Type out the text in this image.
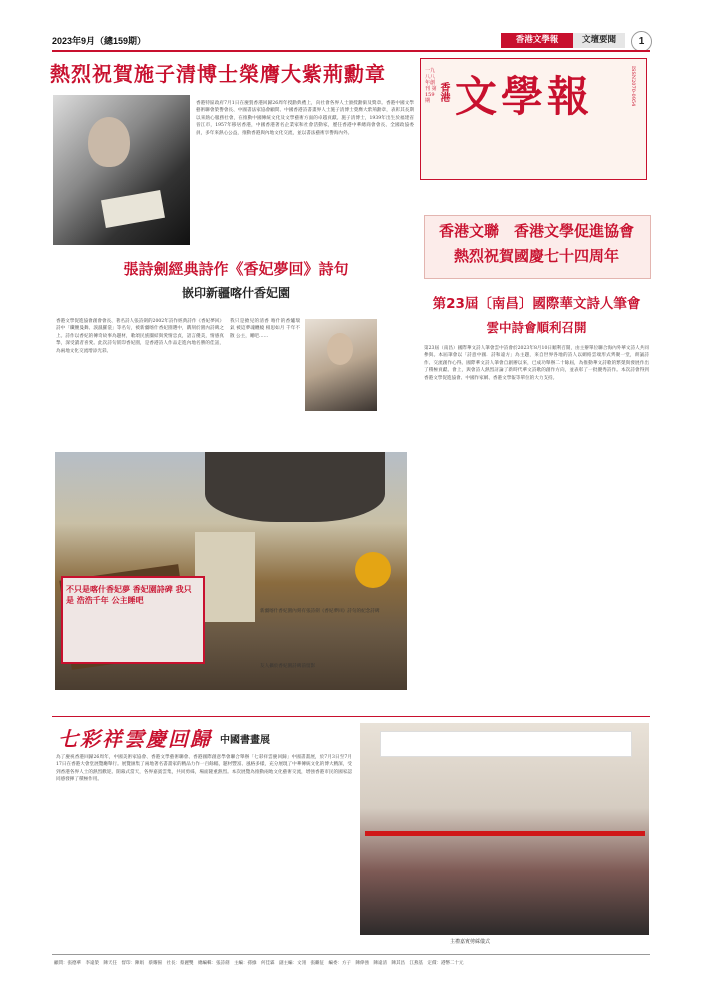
2023年9月（總159期）	香港文學報	文壇要聞	1
熱烈祝賀施子清博士榮膺大紫荊勳章
香港特區政府7月1日在慶賀香港回歸26周年授勳典禮上，向社會各界人士頒授勳銜及獎章。香港中國文學藝術聯會榮譽會長、中國書法家協會顧問、中國香港詩書畫界人士施子清博士榮膺大紫荊勳章，表彰其長期以來熱心服務社會，在推動中國傳統文化及文學藝術方面的卓越貢獻。施子清博士，1939年出生於福建省晉江市，1957年移居香港，中國香港著名企業家和社會活動家，歷任香港中華總商會會長、全國政協委員，多年來熱心公益，推動香港與內地文化交流，並以書法藝術享譽海內外。
一九八八年創刊 第159期 香港 文學報	ISSN2070-0954
香港文聯　香港文學促進協會
熱烈祝賀國慶七十四周年
張詩劍經典詩作《香妃夢回》詩句
嵌印新疆喀什香妃園
香港文學促進協會創會會長、著名詩人張詩劍的2002年詩作經典詩作《香妃夢回》詩中「纖腰曼舞、淚濕羅裳」等名句，被新疆喀什香妃園選中，鐫刻於園內詩碑之上。詩作以香妃的傳奇故事為題材，歌頌民族團結與愛情忠貞，語言優美，情感真摯，深受讀者喜愛。此次詩句嵌印香妃園，是香港詩人作品走進內地名勝的佳話，為兩地文化交流增添光彩。
我只是掀兒的清香 喀什的香爐瑞氣 被這夢魂纏繞 相思如月 千年不散 公主，睡吧……
第23屆〔南昌〕國際華文詩人筆會
雲中詩會順利召開
第23屆（南昌）國際華文詩人筆會雲中詩會於2023年8月10日順利召開，由主辦單位聯合海內外華文詩人共同參與。本屆筆會以「詩意中國．詩和遠方」為主題，來自世界各地的詩人以網絡雲端形式齊聚一堂，朗誦詩作、交流創作心得。國際華文詩人筆會自創辦以來，已成功舉辦二十餘屆，為推動華文詩歌的繁榮與發展作出了積極貢獻。會上，與會詩人熱烈討論了新時代華文詩歌的創作方向，並表彰了一批優秀詩作。本次詩會得到香港文學促進協會、中國作家網、香港文學報等單位的大力支持。
不只是喀什香妃夢 香妃園詩碑 我只是 浩浩千年 公主睡吧
新疆喀什香妃園內刻有張詩劍《香妃夢回》詩句的紀念詩碑
友人攝於香妃園詩碑前留影
七彩祥雲慶回歸 中國書畫展
為了慶祝香港回歸26周年，中國美術家協會、香港文學藝術聯會、香港國際創意學會聯合舉辦「七彩祥雲慶回歸」中國書畫展，於7月3日至7月17日在香港大會堂展覽廳舉行。展覽匯集了兩地著名書畫家的精品力作一百餘幅，題材豐富、風格多樣，充分展現了中華傳統文化的博大精深，受到香港各界人士的熱烈歡迎。開幕式當天，各界嘉賓雲集，共同剪綵，場面隆重熱烈。本次展覽為推動兩地文化藝術交流，增強香港市民的國家認同感發揮了積極作用。
主禮嘉賓剪綵儀式
顧問：張德華　李遠榮　陳天任　督印：陳娟　蔡耀揚　社長：蔡麗雙　總編輯：張詩劍　主編：孫綠　何佳霖　副主編：文翎　張繼征　編委：方子　陳偉強　陳遠清　陳其昌　江燕基　定價：港幣二十元
